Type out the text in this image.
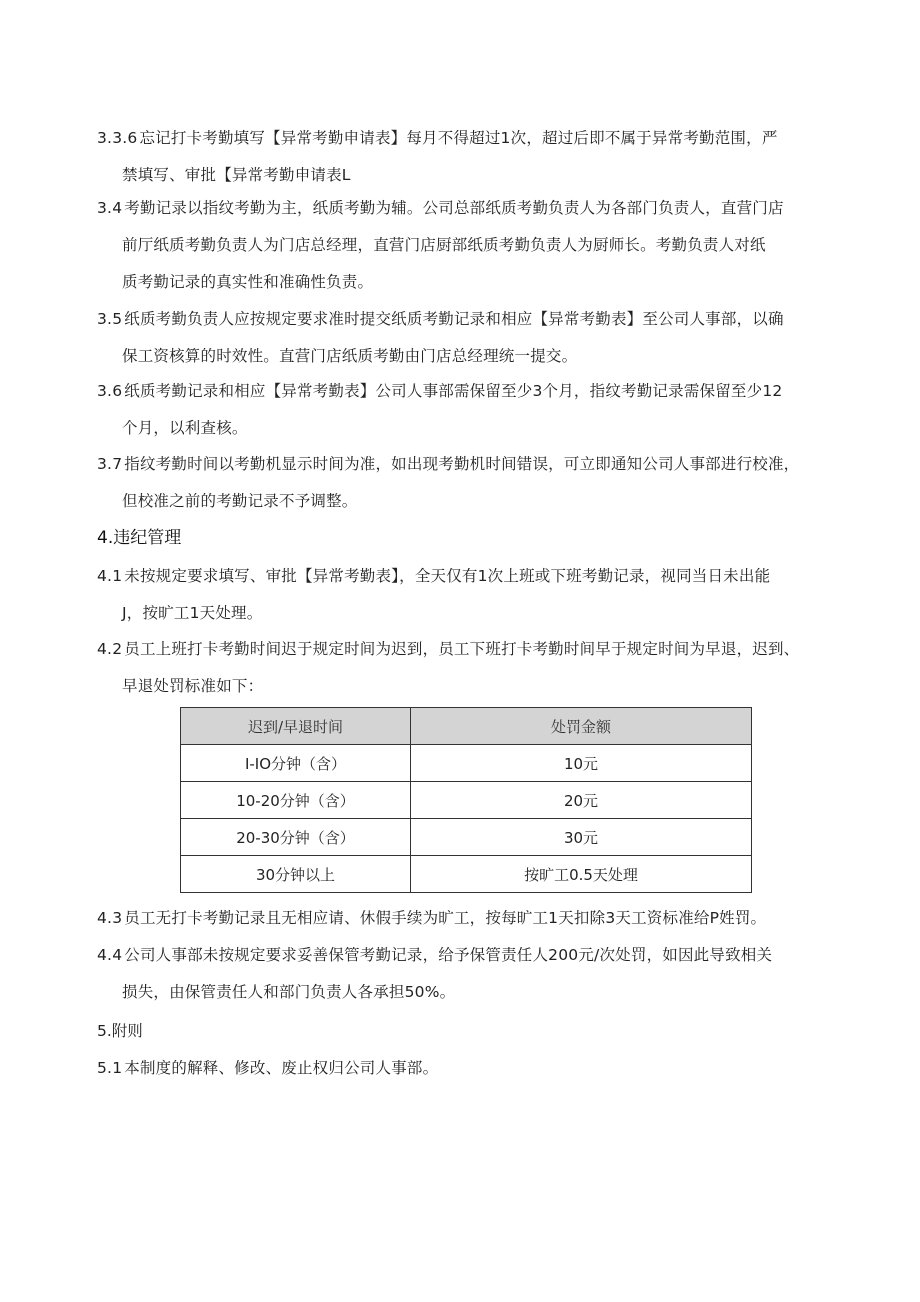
3.3.6 忘记打卡考勤填写【异常考勤申请表】每月不得超过1次，超过后即不属于异常考勤范围，严
禁填写、审批【异常考勤申请表L
3.4 考勤记录以指纹考勤为主，纸质考勤为辅。公司总部纸质考勤负责人为各部门负责人，直营门店
前厅纸质考勤负责人为门店总经理，直营门店厨部纸质考勤负责人为厨师长。考勤负责人对纸
质考勤记录的真实性和准确性负责。
3.5 纸质考勤负责人应按规定要求准时提交纸质考勤记录和相应【异常考勤表】至公司人事部，以确
保工资核算的时效性。直营门店纸质考勤由门店总经理统一提交。
3.6 纸质考勤记录和相应【异常考勤表】公司人事部需保留至少3个月，指纹考勤记录需保留至少12
个月，以利查核。
3.7 指纹考勤时间以考勤机显示时间为准，如出现考勤机时间错误，可立即通知公司人事部进行校准，
但校准之前的考勤记录不予调整。
4.违纪管理
4.1 未按规定要求填写、审批【异常考勤表】，全天仅有1次上班或下班考勤记录，视同当日未出能
J，按旷工1天处理。
4.2 员工上班打卡考勤时间迟于规定时间为迟到，员工下班打卡考勤时间早于规定时间为早退，迟到、
早退处罚标准如下：
迟到/早退时间	处罚金额
I-IO分钟（含）	10元
10-20分钟（含）	20元
20-30分钟（含）	30元
30分钟以上	按旷工0.5天处理
4.3 员工无打卡考勤记录且无相应请、休假手续为旷工，按每旷工1天扣除3天工资标准给P姓罚。
4.4 公司人事部未按规定要求妥善保管考勤记录，给予保管责任人200元/次处罚，如因此导致相关
损失，由保管责任人和部门负责人各承担50%。
5.附则
5.1 本制度的解释、修改、废止权归公司人事部。
